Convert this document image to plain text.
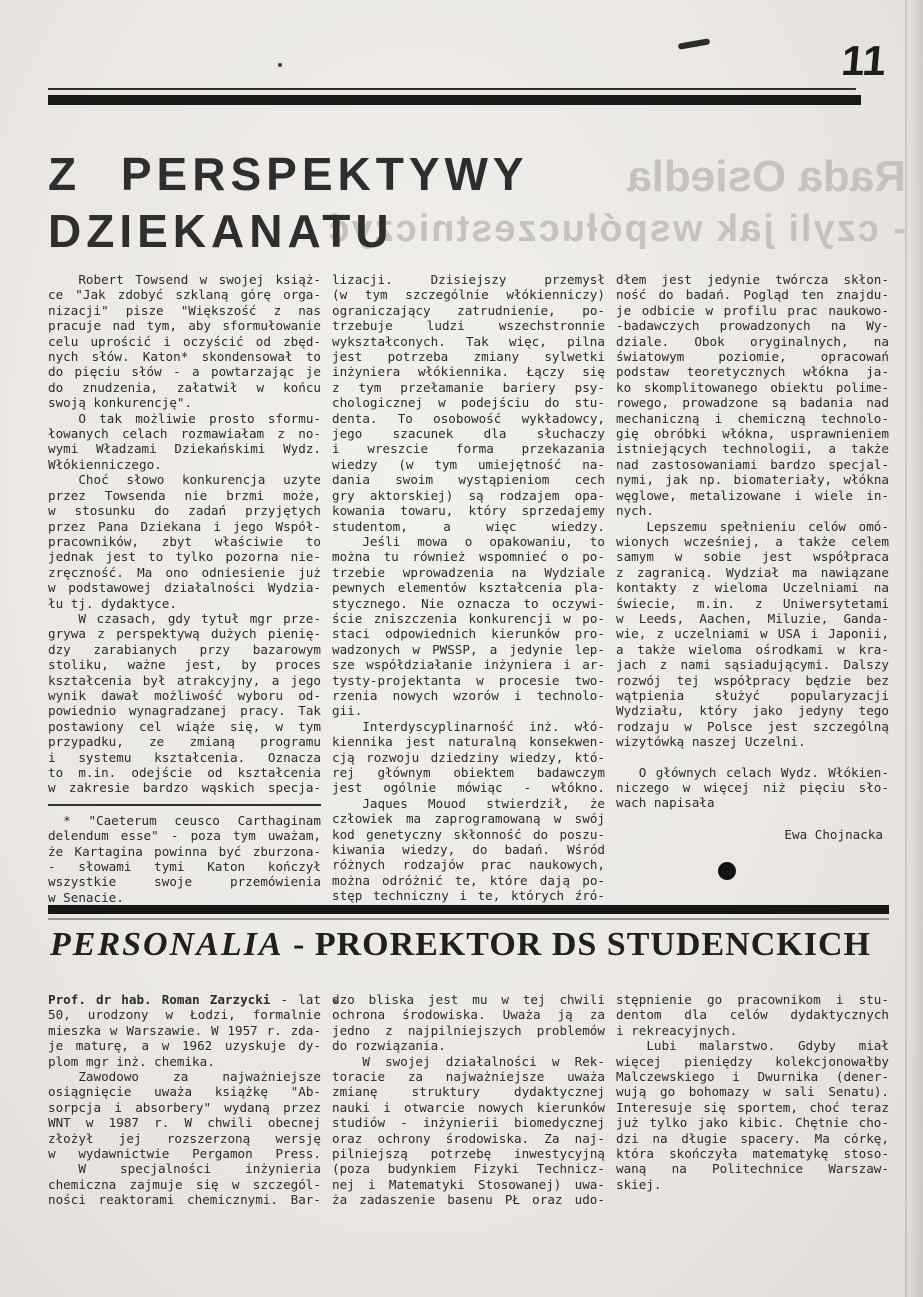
11
Rada Osiedla
- czyli jak współuczestniczyć
Z PERSPEKTYWY
DZIEKANATU
Robert Towsend w swojej książ-
ce "Jak zdobyć szklaną górę orga-
nizacji" pisze "Większość z nas
pracuje nad tym, aby sformułowanie
celu uprościć i oczyścić od zbęd-
nych słów. Katon* skondensował to
do pięciu słów - a powtarzając je
do znudzenia, załatwił w końcu
swoją konkurencję".
O tak możliwie prosto sformu-
łowanych celach rozmawiałam z no-
wymi Władzami Dziekańskimi Wydz.
Włókienniczego.
Choć słowo konkurencja uzyte
przez Towsenda nie brzmi może,
w stosunku do zadań przyjętych
przez Pana Dziekana i jego Współ-
pracowników, zbyt właściwie to
jednak jest to tylko pozorna nie-
zręczność. Ma ono odniesienie już
w podstawowej działalności Wydzia-
łu tj. dydaktyce.
W czasach, gdy tytuł mgr prze-
grywa z perspektywą dużych pienię-
dzy zarabianych przy bazarowym
stoliku, ważne jest, by proces
kształcenia był atrakcyjny, a jego
wynik dawał możliwość wyboru od-
powiednio wynagradzanej pracy. Tak
postawiony cel wiąże się, w tym
przypadku, ze zmianą programu
i systemu kształcenia. Oznacza
to m.in. odejście od kształcenia
w zakresie bardzo wąskich specja-
* "Caeterum ceusco Carthaginam
delendum esse" - poza tym uważam,
że Kartagina powinna być zburzona-
- słowami tymi Katon kończył
wszystkie	swoje	przemówienia
w Senacie.
lizacji.	Dzisiejszy	przemysł
(w tym szczególnie włókienniczy)
ograniczający zatrudnienie, po-
trzebuje	ludzi	wszechstronnie
wykształconych. Tak więc, pilna
jest potrzeba zmiany sylwetki
inżyniera włókiennika. Łączy się
z tym przełamanie bariery psy-
chologicznej w podejściu do stu-
denta. To osobowość wykładowcy,
jego szacunek dla słuchaczy
i wreszcie forma przekazania
wiedzy (w tym umiejętność na-
dania swoim wystąpieniom cech
gry aktorskiej) są rodzajem opa-
kowania towaru, który sprzedajemy
studentom,	a	więc	wiedzy.
Jeśli mowa o opakowaniu, to
można tu również wspomnieć o po-
trzebie wprowadzenia na Wydziale
pewnych elementów kształcenia pla-
stycznego. Nie oznacza to oczywi-
ście zniszczenia konkurencji w po-
staci odpowiednich kierunków pro-
wadzonych w PWSSP, a jedynie lep-
sze współdziałanie inżyniera i ar-
tysty-projektanta w procesie two-
rzenia nowych wzorów i technolo-
gii.
Interdyscyplinarność inż. włó-
kiennika jest naturalną konsekwen-
cją rozwoju dziedziny wiedzy, któ-
rej głównym obiektem badawczym
jest ogólnie mówiąc - włókno.
Jaques Mouod stwierdził, że
człowiek ma zaprogramowaną w swój
kod genetyczny skłonność do poszu-
kiwania wiedzy, do badań. Wśród
różnych rodzajów prac naukowych,
można odróżnić te, które dają po-
stęp techniczny i te, których źró-
dłem jest jedynie twórcza skłon-
ność do badań. Pogląd ten znajdu-
je odbicie w profilu prac naukowo-
-badawczych prowadzonych na Wy-
dziale. Obok oryginalnych, na
światowym	poziomie,	opracowań
podstaw teoretycznych włókna ja-
ko skomplitowanego obiektu polime-
rowego, prowadzone są badania nad
mechaniczną i chemiczną technolo-
gię obróbki włókna, usprawnieniem
istniejących technologii, a także
nad zastosowaniami bardzo specjal-
nymi, jak np. biomateriały, włókna
węglowe, metalizowane i wiele in-
nych.
Lepszemu spełnieniu celów omó-
wionych wcześniej, a także celem
samym w sobie jest współpraca
z zagranicą. Wydział ma nawiązane
kontakty z wieloma Uczelniami na
świecie, m.in. z Uniwersytetami
w Leeds, Aachen, Miluzie, Ganda-
wie, z uczelniami w USA i Japonii,
a także wieloma ośrodkami w kra-
jach z nami sąsiadującymi. Dalszy
rozwój tej współpracy będzie bez
wątpienia służyć popularyzacji
Wydziału, który jako jedyny tego
rodzaju w Polsce jest szczególną
wizytówką naszej Uczelni.
O głównych celach Wydz. Włókien-
niczego w więcej niż pięciu sło-
wach napisała
Ewa Chojnacka
PERSONALIA - PROREKTOR DS STUDENCKICH
Prof. dr hab. Roman Zarzycki - lat
50, urodzony w Łodzi, formalnie
mieszka w Warszawie. W 1957 r. zda-
je maturę, a w 1962 uzyskuje dy-
plom mgr inż. chemika.
Zawodowo	za	najważniejsze
osiągnięcie uważa książkę "Ab-
sorpcja i absorbery" wydaną przez
WNT w 1987 r. W chwili obecnej
złożył jej rozszerzoną wersję
w wydawnictwie Pergamon Press.
W	specjalności	inżynieria
chemiczna zajmuje się w szczegól-
ności reaktorami chemicznymi. Bar-
dzo bliska jest mu w tej chwili
ochrona środowiska. Uważa ją za
jedno z najpilniejszych problemów
do rozwiązania.
W swojej działalności w Rek-
toracie za najważniejsze uważa
zmianę	struktury	dydaktycznej
nauki i otwarcie nowych kierunków
studiów - inżynierii biomedycznej
oraz ochrony środowiska. Za naj-
pilniejszą potrzebę inwestycyjną
(poza budynkiem Fizyki Technicz-
nej i Matematyki Stosowanej) uwa-
ża zadaszenie basenu PŁ oraz udo-
stępnienie go pracownikom i stu-
dentom dla celów dydaktycznych
i rekreacyjnych.
Lubi malarstwo. Gdyby miał
więcej pieniędzy kolekcjonowałby
Malczewskiego i Dwurnika (dener-
wują go bohomazy w sali Senatu).
Interesuje się sportem, choć teraz
już tylko jako kibic. Chętnie cho-
dzi na długie spacery. Ma córkę,
która skończyła matematykę stoso-
waną na Politechnice Warszaw-
skiej.
